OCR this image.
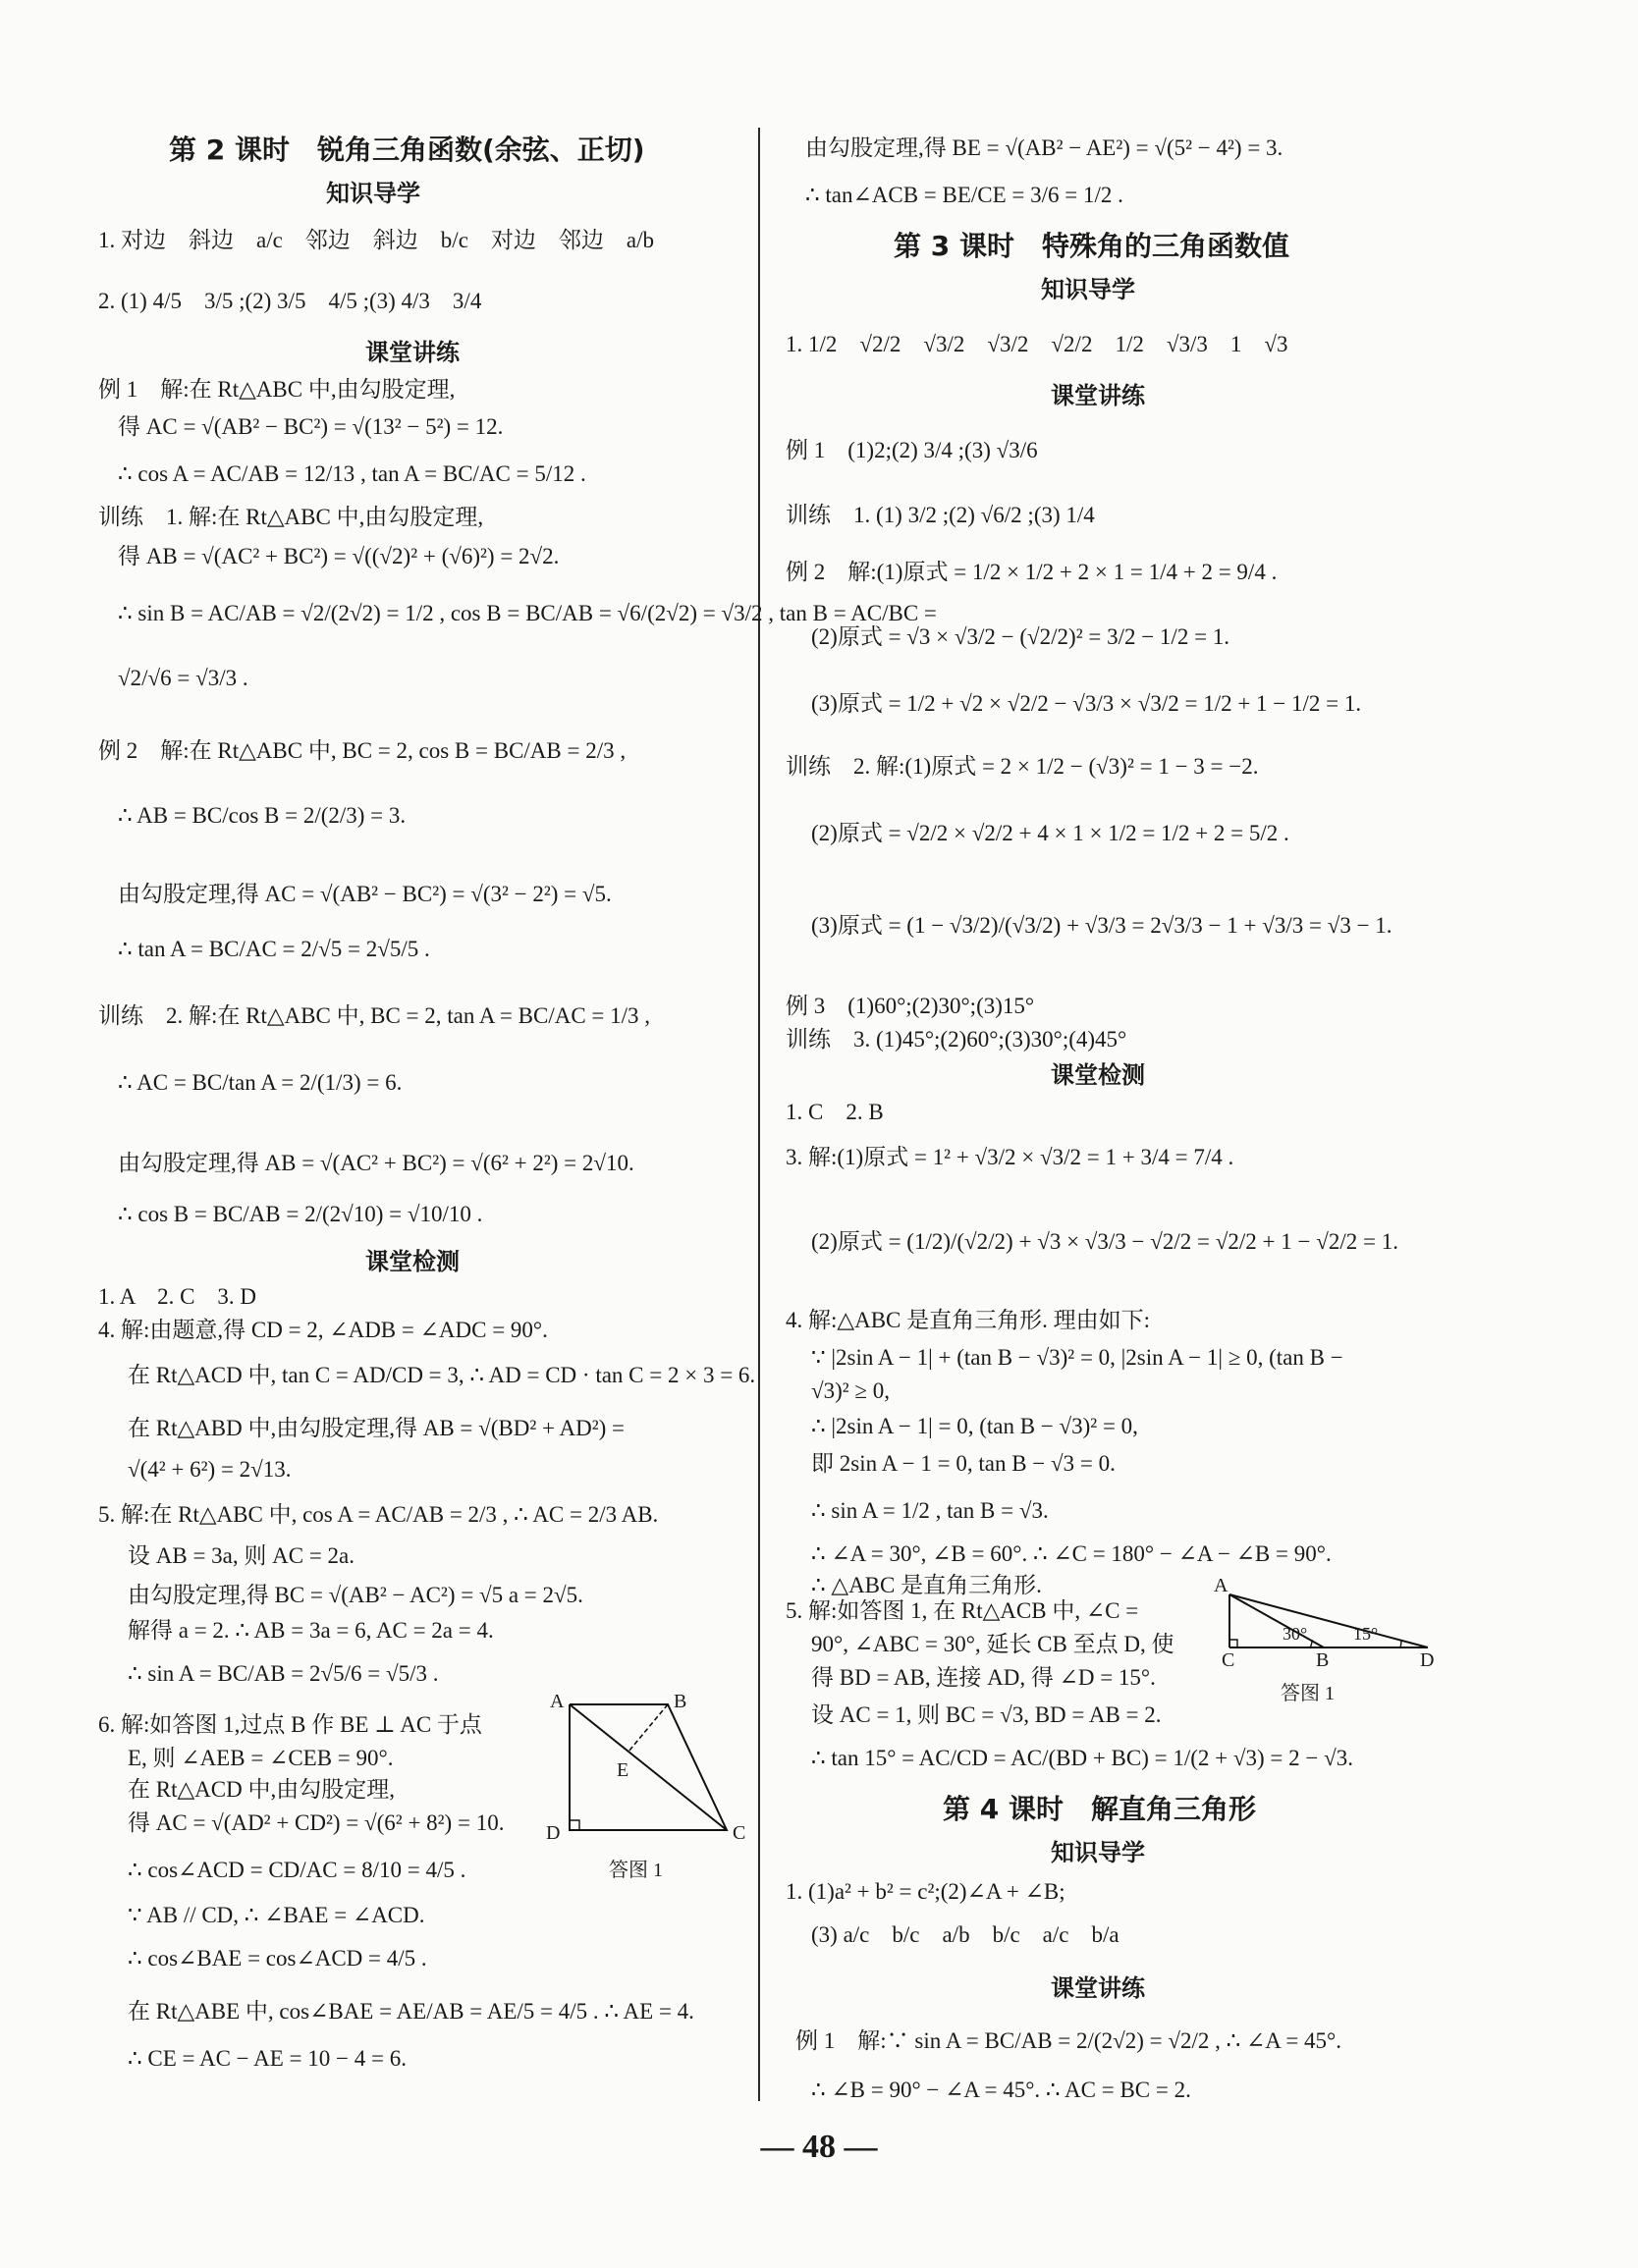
第 2 课时　锐角三角函数(余弦、正切)
知识导学
1. 对边　斜边　a/c　邻边　斜边　b/c　对边　邻边　a/b
2. (1) 4/5　3/5 ;(2) 3/5　4/5 ;(3) 4/3　3/4
课堂讲练
例 1　解:在 Rt△ABC 中,由勾股定理,
得 AC = √(AB² − BC²) = √(13² − 5²) = 12.
∴ cos A = AC/AB = 12/13 , tan A = BC/AC = 5/12 .
训练　1. 解:在 Rt△ABC 中,由勾股定理,
得 AB = √(AC² + BC²) = √((√2)² + (√6)²) = 2√2.
∴ sin B = AC/AB = √2/(2√2) = 1/2 , cos B = BC/AB = √6/(2√2) = √3/2 , tan B = AC/BC =
√2/√6 = √3/3 .
例 2　解:在 Rt△ABC 中, BC = 2, cos B = BC/AB = 2/3 ,
∴ AB = BC/cos B = 2/(2/3) = 3.
由勾股定理,得 AC = √(AB² − BC²) = √(3² − 2²) = √5.
∴ tan A = BC/AC = 2/√5 = 2√5/5 .
训练　2. 解:在 Rt△ABC 中, BC = 2, tan A = BC/AC = 1/3 ,
∴ AC = BC/tan A = 2/(1/3) = 6.
由勾股定理,得 AB = √(AC² + BC²) = √(6² + 2²) = 2√10.
∴ cos B = BC/AB = 2/(2√10) = √10/10 .
课堂检测
1. A　2. C　3. D
4. 解:由题意,得 CD = 2, ∠ADB = ∠ADC = 90°.
在 Rt△ACD 中, tan C = AD/CD = 3, ∴ AD = CD · tan C = 2 × 3 = 6.
在 Rt△ABD 中,由勾股定理,得 AB = √(BD² + AD²) =
√(4² + 6²) = 2√13.
5. 解:在 Rt△ABC 中, cos A = AC/AB = 2/3 , ∴ AC = 2/3 AB.
设 AB = 3a, 则 AC = 2a.
由勾股定理,得 BC = √(AB² − AC²) = √5 a = 2√5.
解得 a = 2. ∴ AB = 3a = 6, AC = 2a = 4.
∴ sin A = BC/AB = 2√5/6 = √5/3 .
6. 解:如答图 1,过点 B 作 BE ⊥ AC 于点
E, 则 ∠AEB = ∠CEB = 90°.
在 Rt△ACD 中,由勾股定理,
得 AC = √(AD² + CD²) = √(6² + 8²) = 10.
∴ cos∠ACD = CD/AC = 8/10 = 4/5 .
∵ AB // CD, ∴ ∠BAE = ∠ACD.
∴ cos∠BAE = cos∠ACD = 4/5 .
在 Rt△ABE 中, cos∠BAE = AE/AB = AE/5 = 4/5 . ∴ AE = 4.
∴ CE = AC − AE = 10 − 4 = 6.
A	B
C
D
E
答图 1
由勾股定理,得 BE = √(AB² − AE²) = √(5² − 4²) = 3.
∴ tan∠ACB = BE/CE = 3/6 = 1/2 .
第 3 课时　特殊角的三角函数值
知识导学
1. 1/2　√2/2　√3/2　√3/2　√2/2　1/2　√3/3　1　√3
课堂讲练
例 1　(1)2;(2) 3/4 ;(3) √3/6
训练　1. (1) 3/2 ;(2) √6/2 ;(3) 1/4
例 2　解:(1)原式 = 1/2 × 1/2 + 2 × 1 = 1/4 + 2 = 9/4 .
(2)原式 = √3 × √3/2 − (√2/2)² = 3/2 − 1/2 = 1.
(3)原式 = 1/2 + √2 × √2/2 − √3/3 × √3/2 = 1/2 + 1 − 1/2 = 1.
训练　2. 解:(1)原式 = 2 × 1/2 − (√3)² = 1 − 3 = −2.
(2)原式 = √2/2 × √2/2 + 4 × 1 × 1/2 = 1/2 + 2 = 5/2 .
(3)原式 = (1 − √3/2)/(√3/2) + √3/3 = 2√3/3 − 1 + √3/3 = √3 − 1.
例 3　(1)60°;(2)30°;(3)15°
训练　3. (1)45°;(2)60°;(3)30°;(4)45°
课堂检测
1. C　2. B
3. 解:(1)原式 = 1² + √3/2 × √3/2 = 1 + 3/4 = 7/4 .
(2)原式 = (1/2)/(√2/2) + √3 × √3/3 − √2/2 = √2/2 + 1 − √2/2 = 1.
4. 解:△ABC 是直角三角形. 理由如下:
∵ |2sin A − 1| + (tan B − √3)² = 0, |2sin A − 1| ≥ 0, (tan B −
√3)² ≥ 0,
∴ |2sin A − 1| = 0, (tan B − √3)² = 0,
即 2sin A − 1 = 0, tan B − √3 = 0.
∴ sin A = 1/2 , tan B = √3.
∴ ∠A = 30°, ∠B = 60°. ∴ ∠C = 180° − ∠A − ∠B = 90°.
∴ △ABC 是直角三角形.
5. 解:如答图 1, 在 Rt△ACB 中, ∠C =
90°, ∠ABC = 30°, 延长 CB 至点 D, 使
得 BD = AB, 连接 AD, 得 ∠D = 15°.
设 AC = 1, 则 BC = √3, BD = AB = 2.
∴ tan 15° = AC/CD = AC/(BD + BC) = 1/(2 + √3) = 2 − √3.
第 4 课时　解直角三角形
知识导学
1. (1)a² + b² = c²;(2)∠A + ∠B;
(3) a/c　b/c　a/b　b/c　a/c　b/a
课堂讲练
例 1　解:∵ sin A = BC/AB = 2/(2√2) = √2/2 , ∴ ∠A = 45°.
∴ ∠B = 90° − ∠A = 45°. ∴ AC = BC = 2.
A
30°	15°
C	B	D
答图 1
— 48 —
